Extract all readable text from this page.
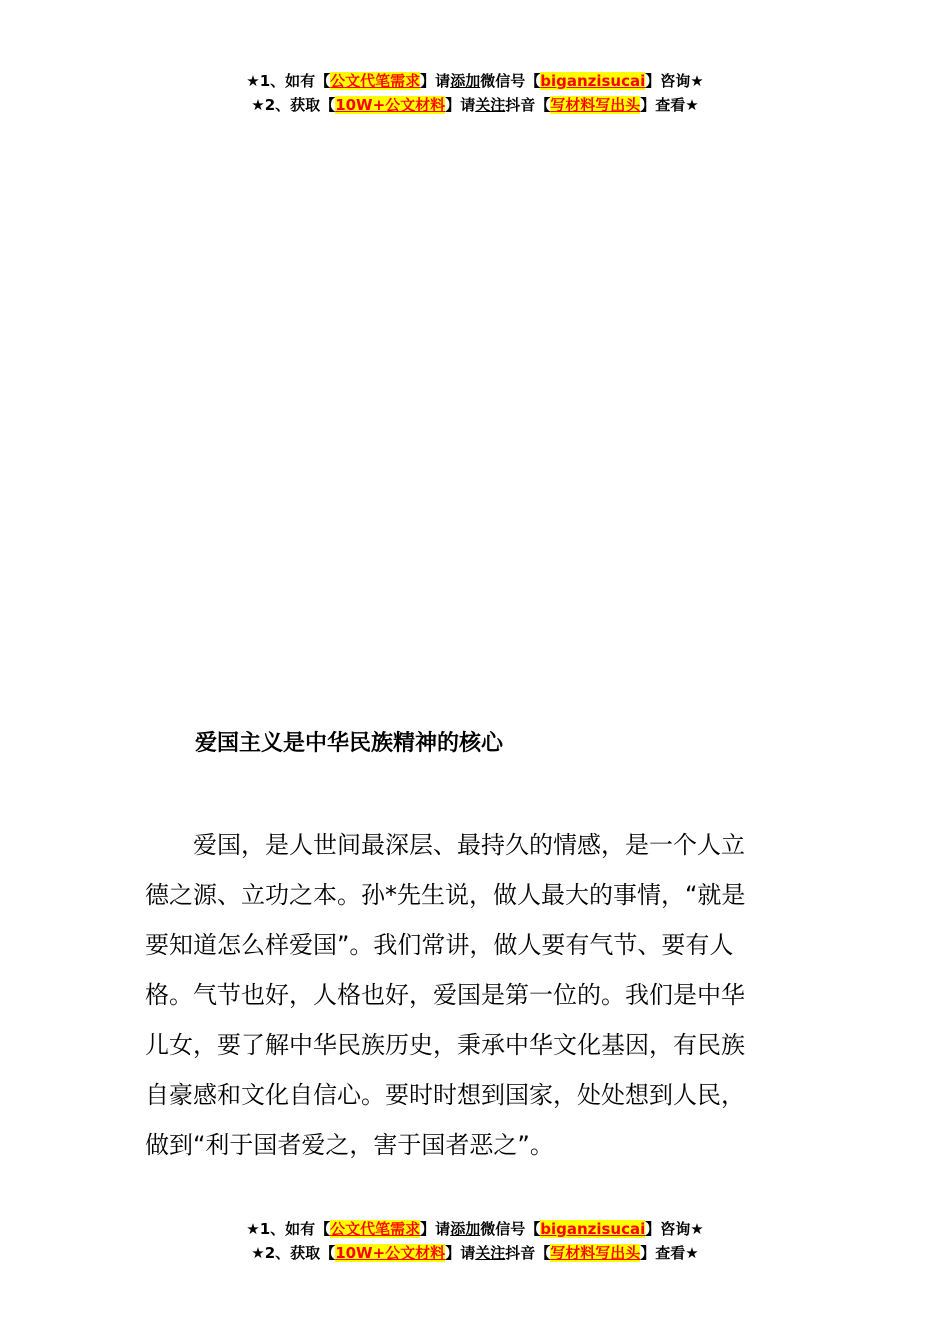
★1、如有【公文代笔需求】请添加微信号【biganzisucai】咨询★
★2、获取【10W+公文材料】请关注抖音【写材料写出头】查看★
爱国主义是中华民族精神的核心
　　爱国，是人世间最深层、最持久的情感，是一个人立
德之源、立功之本。孙*先生说，做人最大的事情，“就是
要知道怎么样爱国”。我们常讲，做人要有气节、要有人
格。气节也好，人格也好，爱国是第一位的。我们是中华
儿女，要了解中华民族历史，秉承中华文化基因，有民族
自豪感和文化自信心。要时时想到国家，处处想到人民，
做到“利于国者爱之，害于国者恶之”。
★1、如有【公文代笔需求】请添加微信号【biganzisucai】咨询★
★2、获取【10W+公文材料】请关注抖音【写材料写出头】查看★
